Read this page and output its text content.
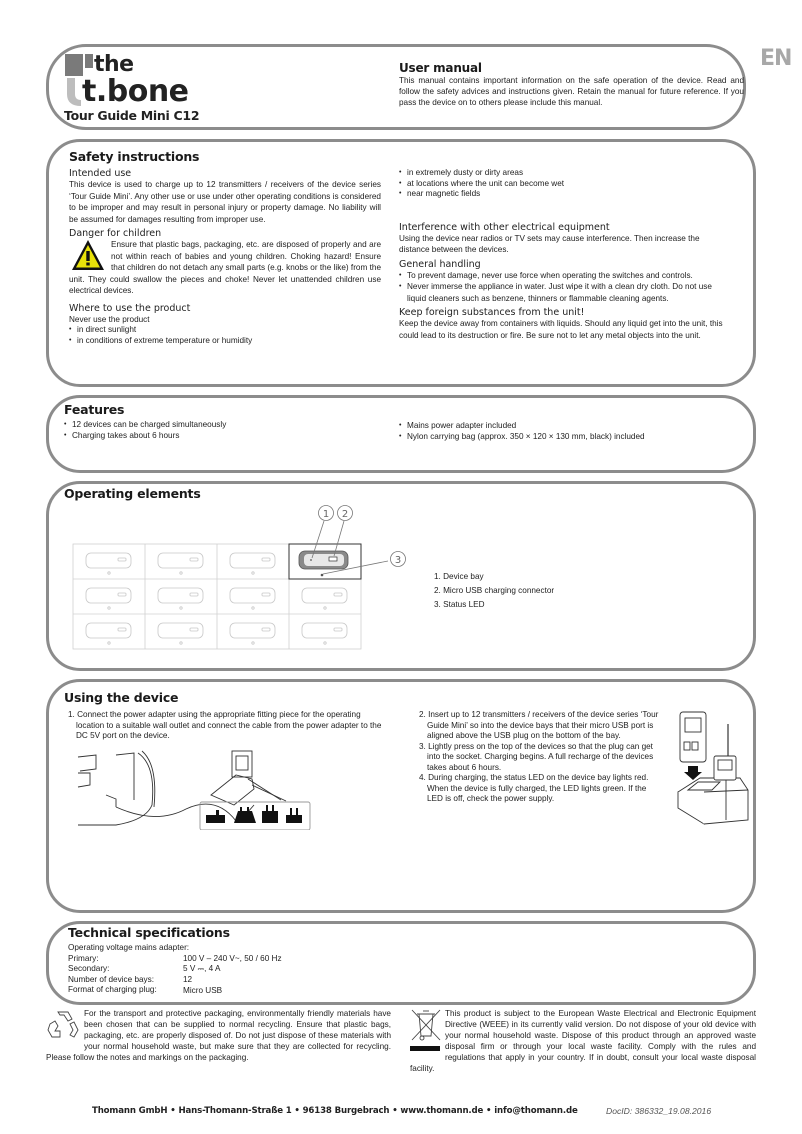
the
t.bone
Tour Guide Mini C12
User manual
This manual contains important information on the safe operation of the device. Read and follow the safety advices and instructions given. Retain the manual for future reference. If you pass the device on to others please include this manual.
EN
Safety instructions
Intended use
This device is used to charge up to 12 transmitters / receivers of the device series ‘Tour Guide Mini’. Any other use or use under other operating conditions is considered to be improper and may result in personal injury or property damage. No liability will be assumed for damages resulting from improper use.
Danger for children
Ensure that plastic bags, packaging, etc. are disposed of properly and are not within reach of babies and young children. Choking hazard! Ensure that children do not detach any small parts (e.g. knobs or the like) from the unit. They could swallow the pieces and choke! Never let unattended children use electrical devices.
Where to use the product
Never use the product
• in direct sunlight
• in conditions of extreme temperature or humidity
• in extremely dusty or dirty areas
• at locations where the unit can become wet
• near magnetic fields
Interference with other electrical equipment
Using the device near radios or TV sets may cause interference. Then increase the distance between the devices.
General handling
• To prevent damage, never use force when operating the switches and controls.
• Never immerse the appliance in water. Just wipe it with a clean dry cloth. Do not use liquid cleaners such as benzene, thinners or flammable cleaning agents.
Keep foreign substances from the unit!
Keep the device away from containers with liquids. Should any liquid get into the unit, this could lead to its destruction or fire. Be sure not to let any metal objects into the unit.
Features
• 12 devices can be charged simultaneously
• Charging takes about 6 hours
• Mains power adapter included
• Nylon carrying bag (approx. 350 × 120 × 130 mm, black) included
Operating elements
1 2
3
1. Device bay
2. Micro USB charging connector
3. Status LED
Using the device
1. Connect the power adapter using the appropriate fitting piece for the operating location to a suitable wall outlet and connect the cable from the power adapter to the DC 5V port on the device.
2. Insert up to 12 transmitters / receivers of the device series ‘Tour Guide Mini’ so into the device bays that their micro USB port is aligned above the USB plug on the bottom of the bay.
3. Lightly press on the top of the devices so that the plug can get into the socket. Charging begins. A full recharge of the devices takes about 6 hours.
4. During charging, the status LED on the device bay lights red. When the device is fully charged, the LED lights green. If the LED is off, check the power supply.
Technical specifications
Operating voltage mains adapter:
Primary:	100 V – 240 V~, 50 / 60 Hz
Secondary:	5 V ⎓, 4 A
Number of device bays:	12
Format of charging plug:	Micro USB
For the transport and protective packaging, environmentally friendly materials have been chosen that can be supplied to normal recycling. Ensure that plastic bags, packaging, etc. are properly disposed of. Do not just dispose of these materials with your normal household waste, but make sure that they are collected for recycling. Please follow the notes and markings on the packaging.
This product is subject to the European Waste Electrical and Electronic Equipment Directive (WEEE) in its currently valid version. Do not dispose of your old device with your normal household waste. Dispose of this product through an approved waste disposal firm or through your local waste facility. Comply with the rules and regulations that apply in your country. If in doubt, consult your local waste disposal facility.
Thomann GmbH • Hans-Thomann-Straße 1 • 96138 Burgebrach • www.thomann.de • info@thomann.de	DocID: 386332_19.08.2016
